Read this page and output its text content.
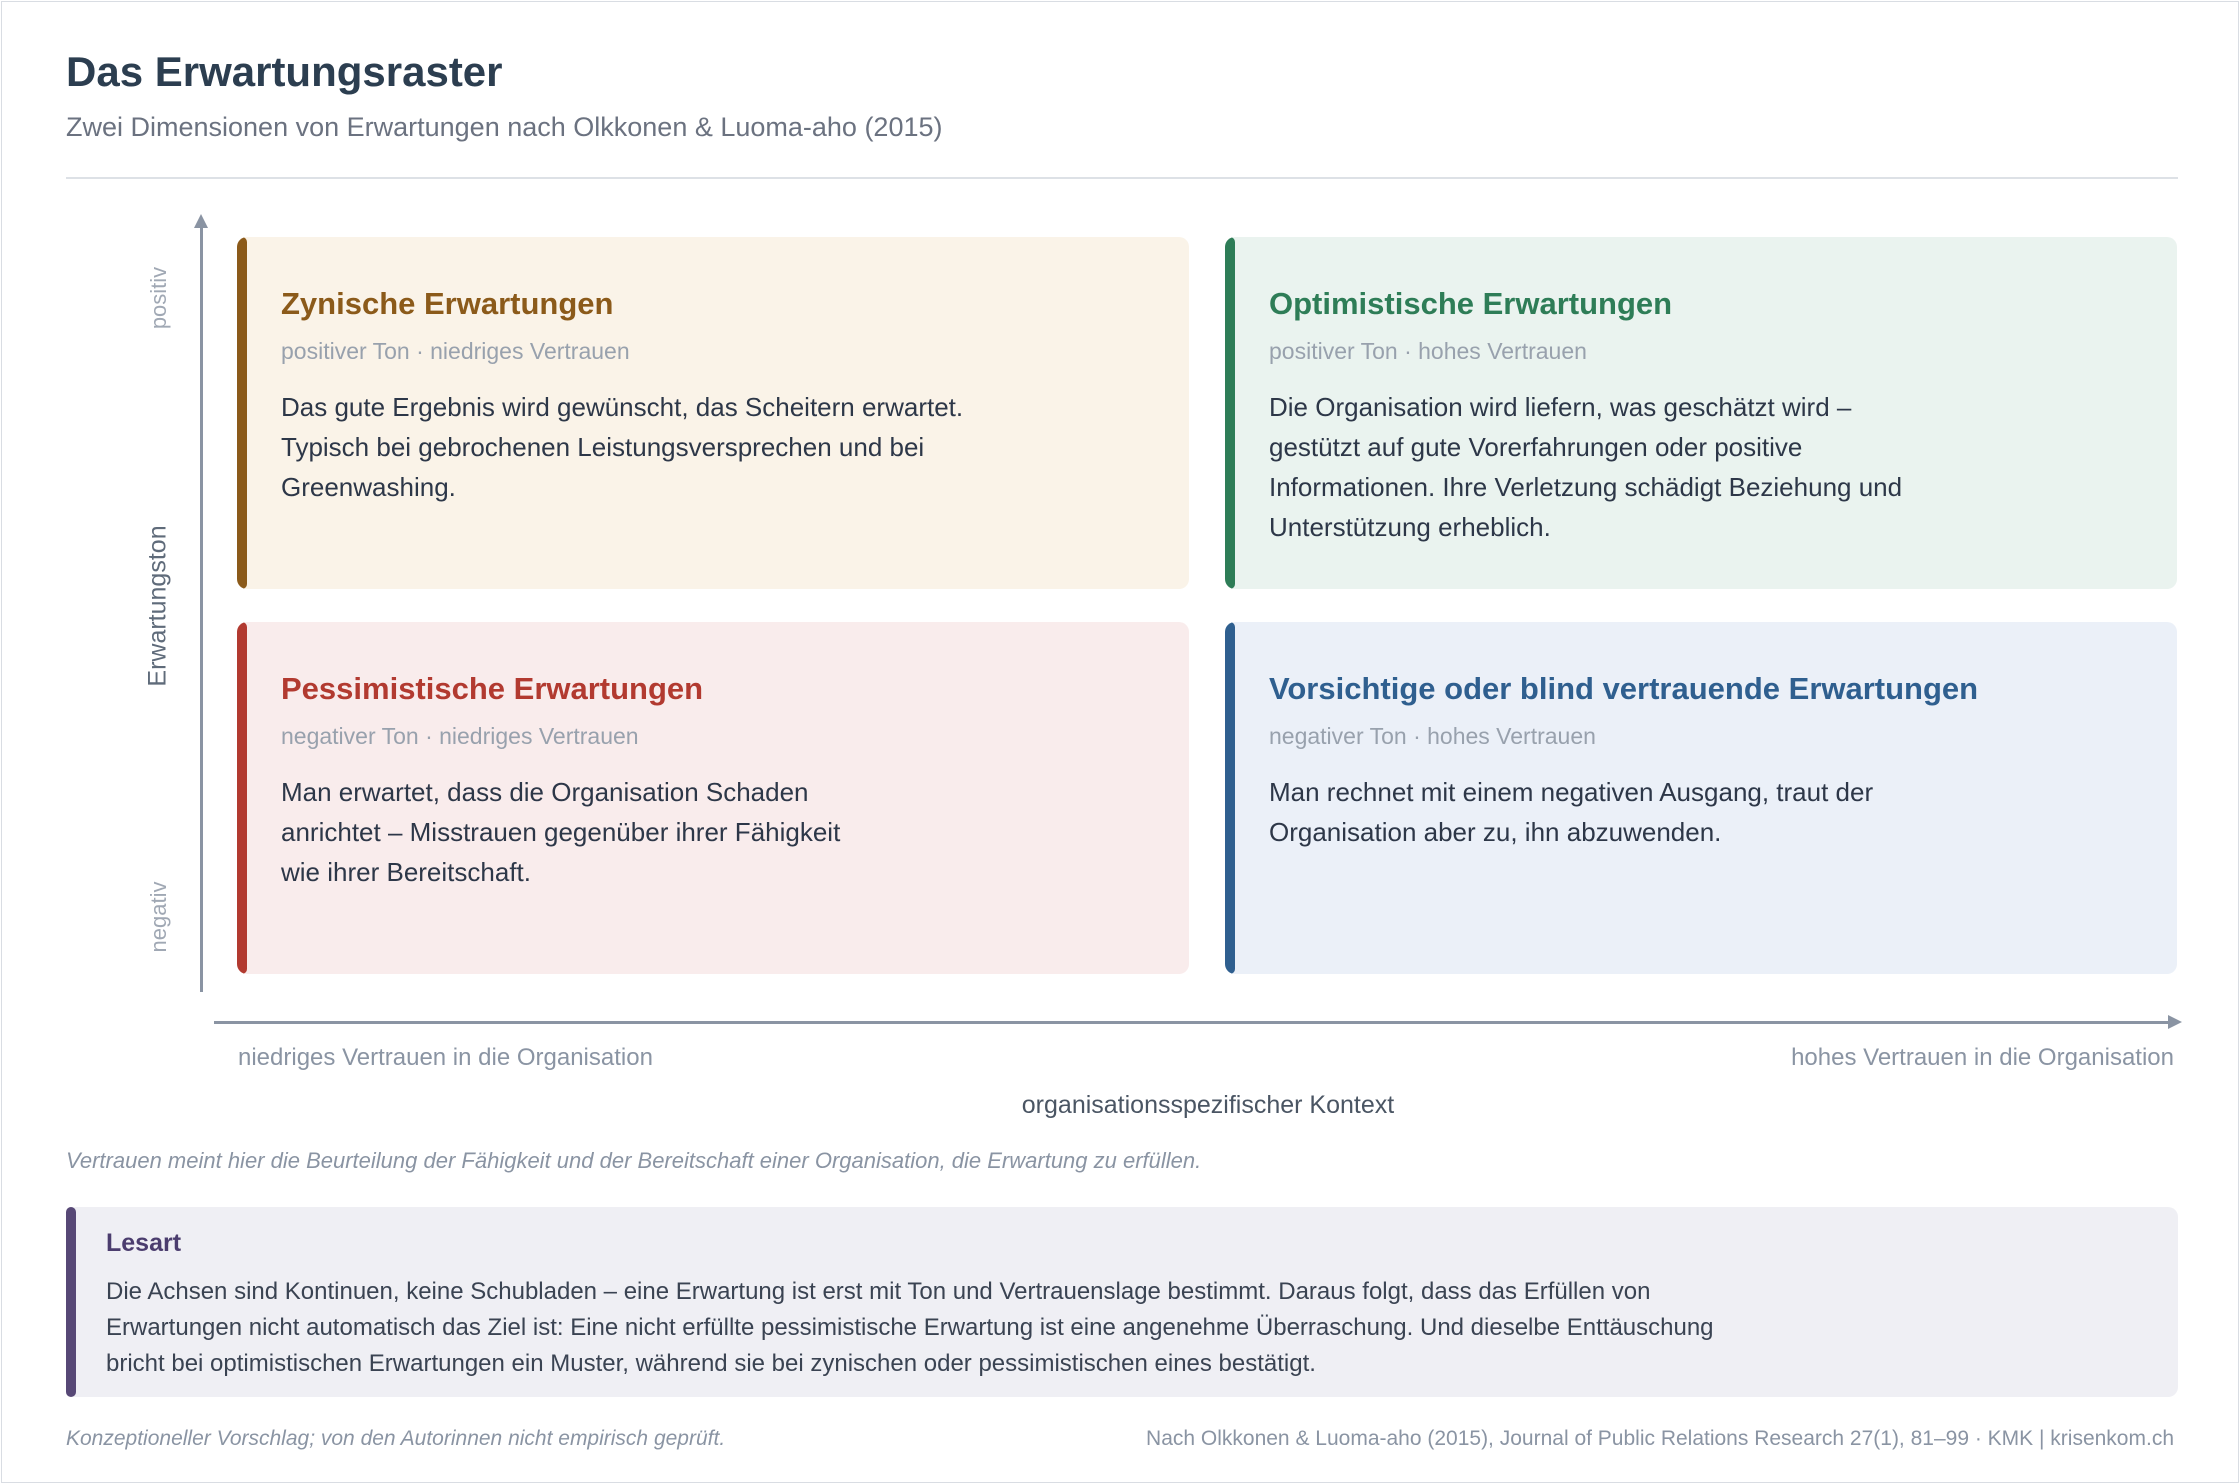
Das Erwartungsraster
Zwei Dimensionen von Erwartungen nach Olkkonen & Luoma-aho (2015)
positiv
Erwartungston
negativ
Zynische Erwartungen
positiver Ton · niedriges Vertrauen
Das gute Ergebnis wird gewünscht, das Scheitern erwartet. Typisch bei gebrochenen Leistungsversprechen und bei Greenwashing.
Optimistische Erwartungen
positiver Ton · hohes Vertrauen
Die Organisation wird liefern, was geschätzt wird – gestützt auf gute Vorerfahrungen oder positive Informationen. Ihre Verletzung schädigt Beziehung und Unterstützung erheblich.
Pessimistische Erwartungen
negativer Ton · niedriges Vertrauen
Man erwartet, dass die Organisation Schaden anrichtet – Misstrauen gegenüber ihrer Fähigkeit wie ihrer Bereitschaft.
Vorsichtige oder blind vertrauende Erwartungen
negativer Ton · hohes Vertrauen
Man rechnet mit einem negativen Ausgang, traut der Organisation aber zu, ihn abzuwenden.
niedriges Vertrauen in die Organisation	hohes Vertrauen in die Organisation
organisationsspezifischer Kontext
Vertrauen meint hier die Beurteilung der Fähigkeit und der Bereitschaft einer Organisation, die Erwartung zu erfüllen.
Lesart
Die Achsen sind Kontinuen, keine Schubladen – eine Erwartung ist erst mit Ton und Vertrauenslage bestimmt. Daraus folgt, dass das Erfüllen von Erwartungen nicht automatisch das Ziel ist: Eine nicht erfüllte pessimistische Erwartung ist eine angenehme Überraschung. Und dieselbe Enttäuschung bricht bei optimistischen Erwartungen ein Muster, während sie bei zynischen oder pessimistischen eines bestätigt.
Konzeptioneller Vorschlag; von den Autorinnen nicht empirisch geprüft.	Nach Olkkonen & Luoma-aho (2015), Journal of Public Relations Research 27(1), 81–99 · KMK | krisenkom.ch
